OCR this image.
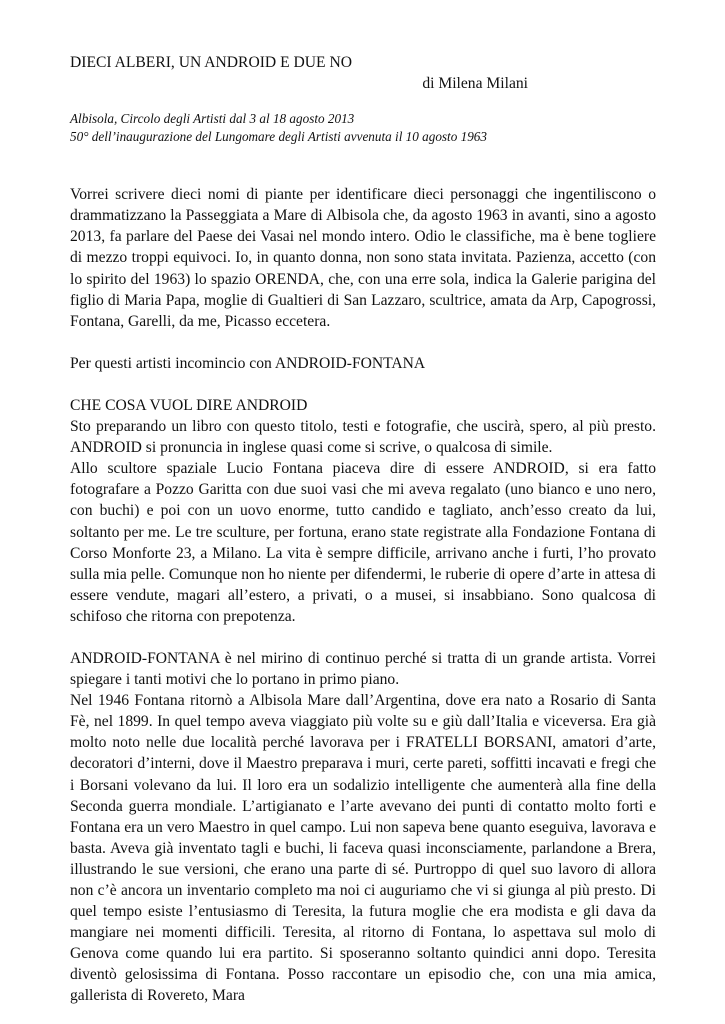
DIECI ALBERI, UN ANDROID E DUE NO
di Milena Milani
Albisola, Circolo degli Artisti dal 3 al 18 agosto 2013
50° dell’inaugurazione del Lungomare degli Artisti avvenuta il 10 agosto 1963

Vorrei scrivere dieci nomi di piante per identificare dieci personaggi che ingentiliscono o drammatizzano la Passeggiata a Mare di Albisola che, da agosto 1963 in avanti, sino a agosto 2013, fa parlare del Paese dei Vasai nel mondo intero. Odio le classifiche, ma è bene togliere di mezzo troppi equivoci. Io, in quanto donna, non sono stata invitata. Pazienza, accetto (con lo spirito del 1963) lo spazio ORENDA, che, con una erre sola, indica la Galerie parigina del figlio di Maria Papa, moglie di Gualtieri di San Lazzaro, scultrice, amata da Arp, Capogrossi, Fontana, Garelli, da me, Picasso eccetera.

Per questi artisti incomincio con ANDROID-FONTANA

CHE COSA VUOL DIRE ANDROID

Sto preparando un libro con questo titolo, testi e fotografie, che uscirà, spero, al più presto. ANDROID si pronuncia in inglese quasi come si scrive, o qualcosa di simile.

Allo scultore spaziale Lucio Fontana piaceva dire di essere ANDROID, si era fatto fotografare a Pozzo Garitta con due suoi vasi che mi aveva regalato (uno bianco e uno nero, con buchi) e poi con un uovo enorme, tutto candido e tagliato, anch’esso creato da lui, soltanto per me. Le tre sculture, per fortuna, erano state registrate alla Fondazione Fontana di Corso Monforte 23, a Milano. La vita è sempre difficile, arrivano anche i furti, l’ho provato sulla mia pelle. Comunque non ho niente per difendermi, le ruberie di opere d’arte in attesa di essere vendute, magari all’estero, a privati, o a musei, si insabbiano. Sono qualcosa di schifoso che ritorna con prepotenza.

ANDROID-FONTANA è nel mirino di continuo perché si tratta di un grande artista. Vorrei spiegare i tanti motivi che lo portano in primo piano.

Nel 1946 Fontana ritornò a Albisola Mare dall’Argentina, dove era nato a Rosario di Santa Fè, nel 1899. In quel tempo aveva viaggiato più volte su e giù dall’Italia e viceversa. Era già molto noto nelle due località perché lavorava per i FRATELLI BORSANI, amatori d’arte, decoratori d’interni, dove il Maestro preparava i muri, certe pareti, soffitti incavati e fregi che i Borsani volevano da lui. Il loro era un sodalizio intelligente che aumenterà alla fine della Seconda guerra mondiale. L’artigianato e l’arte avevano dei punti di contatto molto forti e Fontana era un vero Maestro in quel campo. Lui non sapeva bene quanto eseguiva, lavorava e basta. Aveva già inventato tagli e buchi, li faceva quasi inconsciamente, parlandone a Brera, illustrando le sue versioni, che erano una parte di sé. Purtroppo di quel suo lavoro di allora non c’è ancora un inventario completo ma noi ci auguriamo che vi si giunga al più presto. Di quel tempo esiste l’entusiasmo di Teresita, la futura moglie che era modista e gli dava da mangiare nei momenti difficili. Teresita, al ritorno di Fontana, lo aspettava sul molo di Genova come quando lui era partito. Si sposeranno soltanto quindici anni dopo. Teresita diventò gelosissima di Fontana. Posso raccontare un episodio che, con una mia amica, gallerista di Rovereto, Mara
